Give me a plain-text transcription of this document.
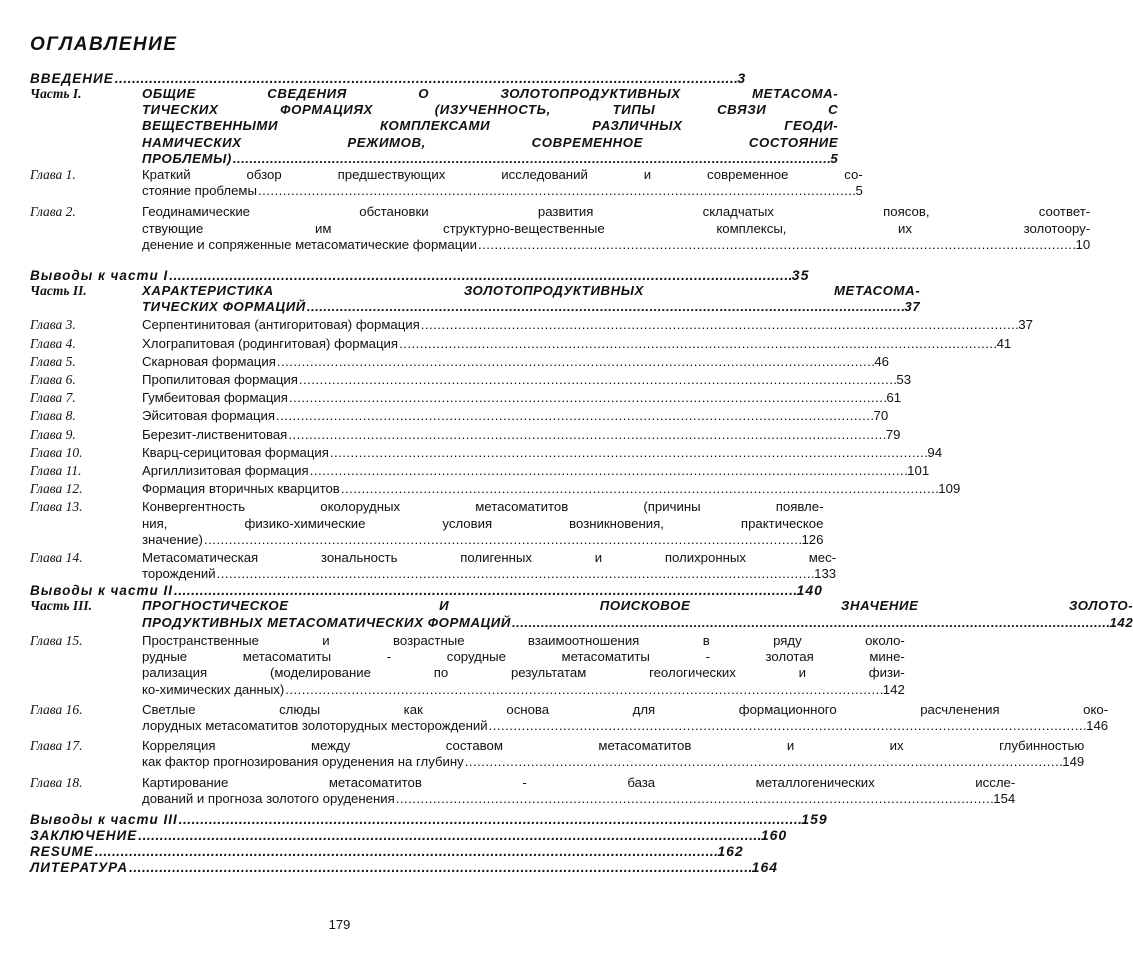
ОГЛАВЛЕНИЕ
ВВЕДЕНИЕ . . .	3
Часть I.	ОБЩИЕ СВЕДЕНИЯ О ЗОЛОТОПРОДУКТИВНЫХ МЕТАСОМА-
ТИЧЕСКИХ ФОРМАЦИЯХ (ИЗУЧЕННОСТЬ, ТИПЫ СВЯЗИ С
ВЕЩЕСТВЕННЫМИ КОМПЛЕКСАМИ РАЗЛИЧНЫХ ГЕОДИ-
НАМИЧЕСКИХ РЕЖИМОВ, СОВРЕМЕННОЕ СОСТОЯНИЕ
ПРОБЛЕМЫ) . . .	5
Глава 1.	Краткий обзор предшествующих исследований и современное со-
стояние проблемы . . .	5
Глава 2.	Геодинамические обстановки развития складчатых поясов, соответ-
ствующие им структурно-вещественные комплексы, их золотоору-
денение и сопряженные метасоматические формации . . .	10
Выводы к части I . . .	35
Часть II.	ХАРАКТЕРИСТИКА ЗОЛОТОПРОДУКТИВНЫХ МЕТАСОМА-
ТИЧЕСКИХ ФОРМАЦИЙ . . .	37
Глава 3.	Серпентинитовая (антигоритовая) формация . . .	37
Глава 4.	Хлограпитовая (родингитовая) формация . . .	41
Глава 5.	Скарновая формация . . .	46
Глава 6.	Пропилитовая формация . . .	53
Глава 7.	Гумбеитовая формация . . .	61
Глава 8.	Эйситовая формация . . .	70
Глава 9.	Березит-лиственитовая . . .	79
Глава 10.	Кварц-серицитовая формация . . .	94
Глава 11.	Аргиллизитовая формация . . .	101
Глава 12.	Формация вторичных кварцитов . . .	109
Глава 13.	Конвергентность околорудных метасоматитов (причины появле-
ния, физико-химические условия возникновения, практическое
значение) . . .	126
Глава 14.	Метасоматическая зональность полигенных и полихронных мес-
торождений . . .	133
Выводы к части II . . .	140
Часть III.	ПРОГНОСТИЧЕСКОЕ И ПОИСКОВОЕ ЗНАЧЕНИЕ ЗОЛОТО-
ПРОДУКТИВНЫХ МЕТАСОМАТИЧЕСКИХ ФОРМАЦИЙ . . .	142
Глава 15.	Пространственные и возрастные взаимоотношения в ряду околo-
рудные метасоматиты - сорудные метасоматиты - золотая мине-
рализация (моделирование по результатам геологических и физи-
ко-химических данных) . . .	142
Глава 16.	Светлые слюды как основа для формационного расчленения око-
лорудных метасоматитов золоторудных месторождений . . .	146
Глава 17.	Корреляция между составом метасоматитов и их глубинностью
как фактор прогнозирования оруденения на глубину . . .	149
Глава 18.	Картирование метасоматитов - база металлогенических иссле-
дований и прогноза золотого оруденения . . .	154
Выводы к части III . . .	159
ЗАКЛЮЧЕНИЕ . . .	160
RESUME . . .	162
ЛИТЕРАТУРА . . .	164
179
